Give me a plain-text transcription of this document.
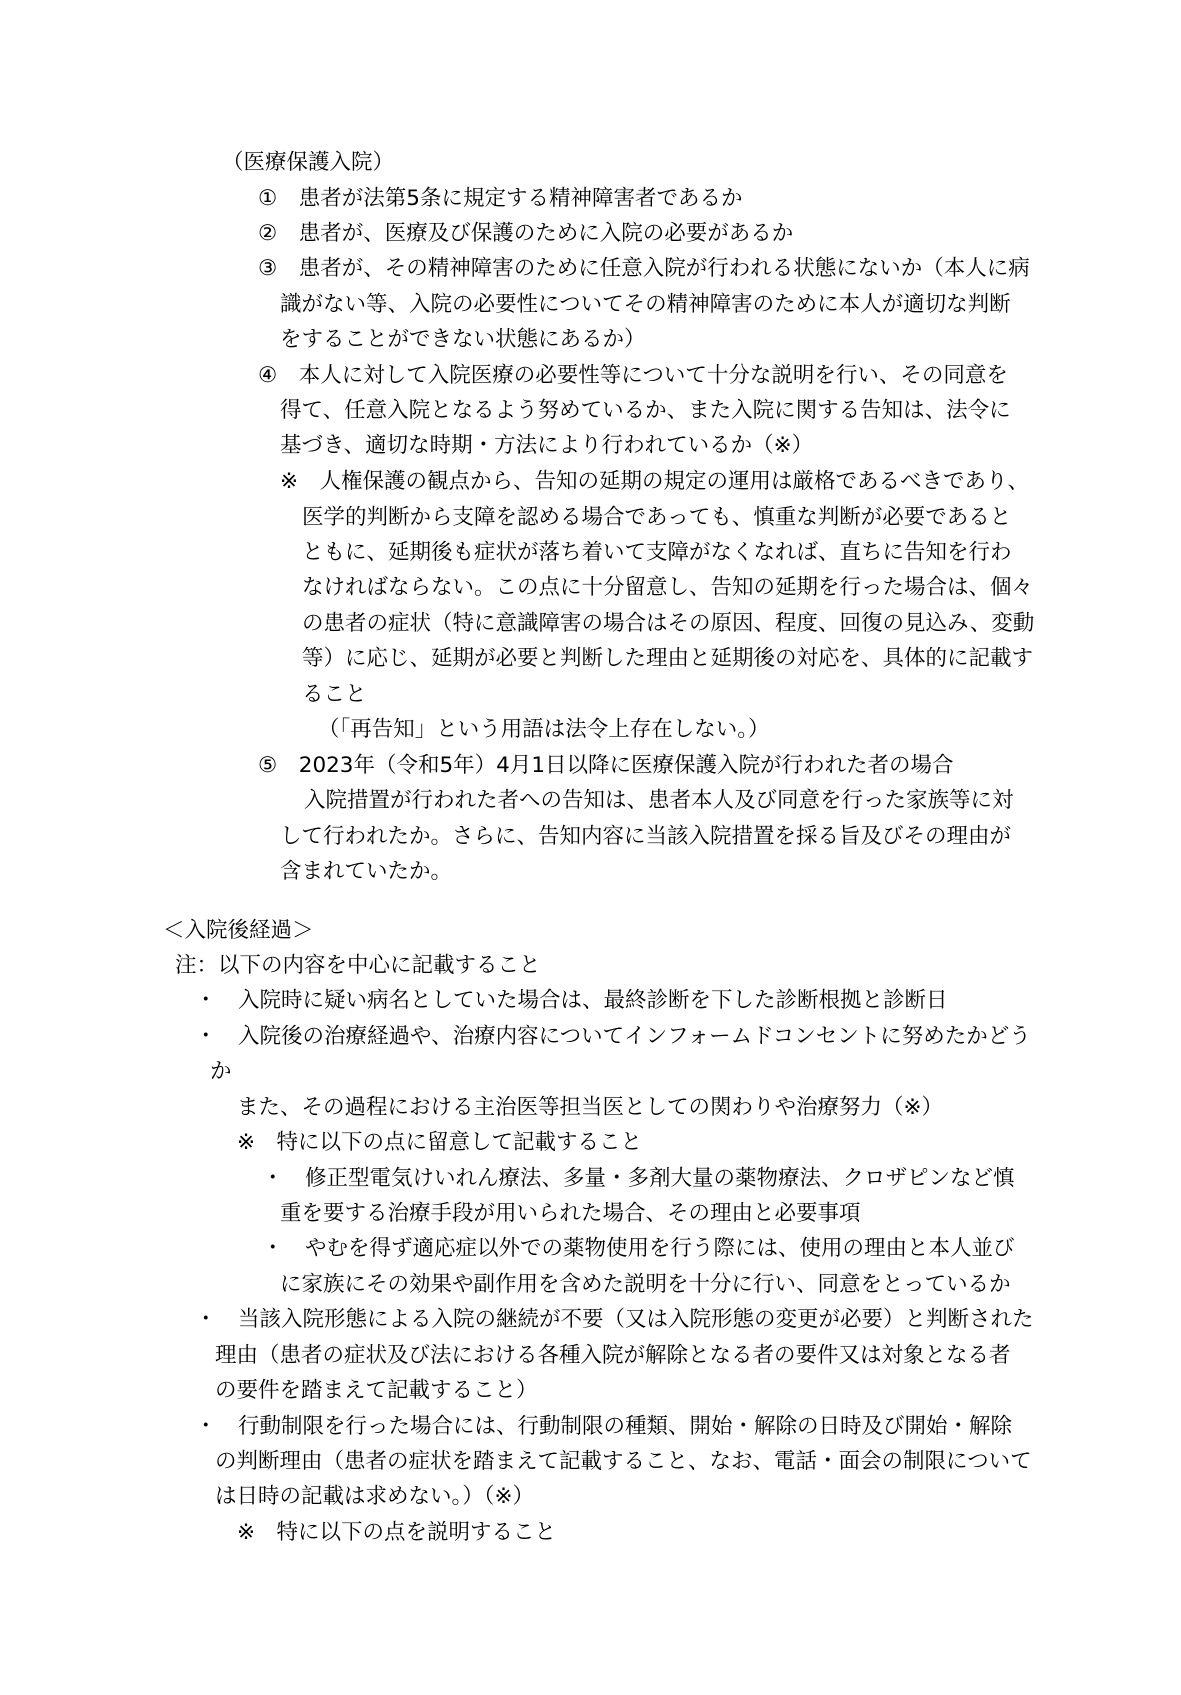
（医療保護入院）
①　患者が法第5条に規定する精神障害者であるか
②　患者が、医療及び保護のために入院の必要があるか
③　患者が、その精神障害のために任意入院が行われる状態にないか（本人に病
識がない等、入院の必要性についてその精神障害のために本人が適切な判断
をすることができない状態にあるか）
④　本人に対して入院医療の必要性等について十分な説明を行い、その同意を
得て、任意入院となるよう努めているか、また入院に関する告知は、法令に
基づき、適切な時期・方法により行われているか（※）
※　人権保護の観点から、告知の延期の規定の運用は厳格であるべきであり、
医学的判断から支障を認める場合であっても、慎重な判断が必要であると
ともに、延期後も症状が落ち着いて支障がなくなれば、直ちに告知を行わ
なければならない。この点に十分留意し、告知の延期を行った場合は、個々
の患者の症状（特に意識障害の場合はその原因、程度、回復の見込み、変動
等）に応じ、延期が必要と判断した理由と延期後の対応を、具体的に記載す
ること
（「再告知」という用語は法令上存在しない。）
⑤　2023年（令和5年）4月1日以降に医療保護入院が行われた者の場合
入院措置が行われた者への告知は、患者本人及び同意を行った家族等に対
して行われたか。さらに、告知内容に当該入院措置を採る旨及びその理由が
含まれていたか。
＜入院後経過＞
注：以下の内容を中心に記載すること
・　入院時に疑い病名としていた場合は、最終診断を下した診断根拠と診断日
・　入院後の治療経過や、治療内容についてインフォームドコンセントに努めたかどう
か
また、その過程における主治医等担当医としての関わりや治療努力（※）
※　特に以下の点に留意して記載すること
・　修正型電気けいれん療法、多量・多剤大量の薬物療法、クロザピンなど慎
重を要する治療手段が用いられた場合、その理由と必要事項
・　やむを得ず適応症以外での薬物使用を行う際には、使用の理由と本人並び
に家族にその効果や副作用を含めた説明を十分に行い、同意をとっているか
・　当該入院形態による入院の継続が不要（又は入院形態の変更が必要）と判断された
理由（患者の症状及び法における各種入院が解除となる者の要件又は対象となる者
の要件を踏まえて記載すること）
・　行動制限を行った場合には、行動制限の種類、開始・解除の日時及び開始・解除
の判断理由（患者の症状を踏まえて記載すること、なお、電話・面会の制限について
は日時の記載は求めない。）（※）
※　特に以下の点を説明すること
